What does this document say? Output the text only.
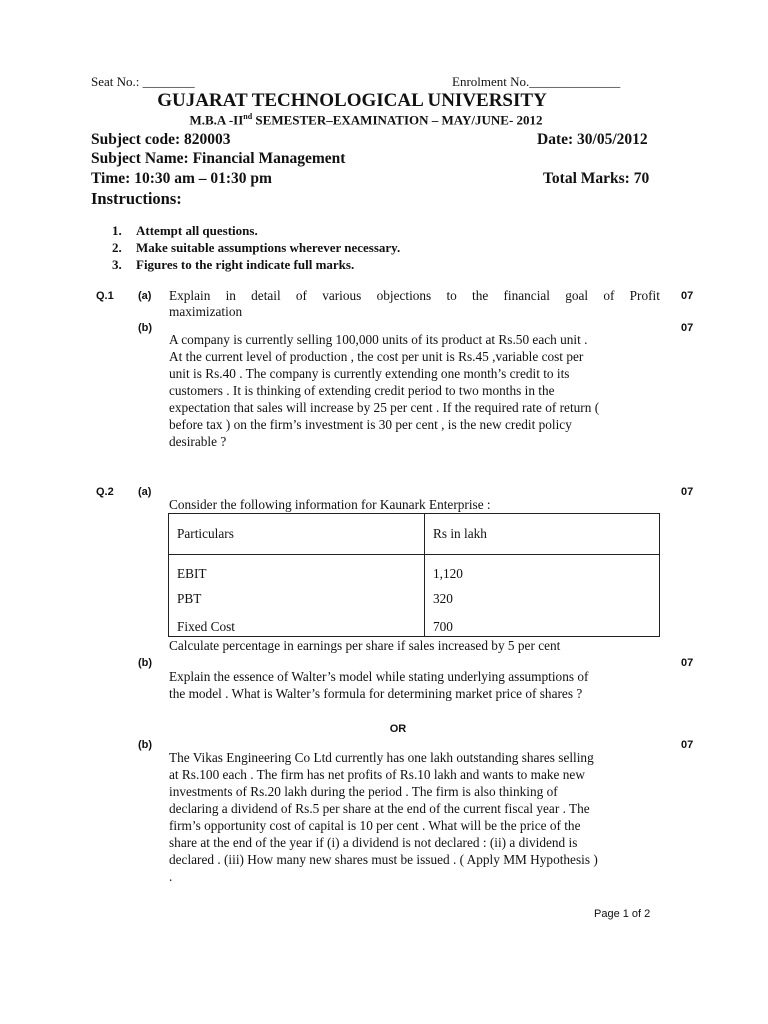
Seat No.: ________	Enrolment No.______________
GUJARAT TECHNOLOGICAL UNIVERSITY
M.B.A -IInd SEMESTER–EXAMINATION – MAY/JUNE- 2012
Subject code: 820003	Date: 30/05/2012
Subject Name: Financial Management
Time: 10:30 am – 01:30 pm	Total Marks: 70
Instructions:
1. Attempt all questions.
2. Make suitable assumptions wherever necessary.
3. Figures to the right indicate full marks.
Q.1 (a) Explain in detail of various objections to the financial goal of Profit
maximization
07
(b)	07
A company is currently selling 100,000 units of its product at Rs.50 each unit .
At the current level of production , the cost per unit is Rs.45 ,variable cost per
unit is Rs.40 . The company is currently extending one month’s credit to its
customers . It is thinking of extending credit period to two months in the
expectation that sales will increase by 25 per cent . If the required rate of return (
before tax ) on the firm’s investment is 30 per cent , is the new credit policy
desirable ?
Q.2 (a)	07
Consider the following information for Kaunark Enterprise :
Particulars	Rs in lakh
EBIT	1,120
PBT	320
Fixed Cost	700
Calculate percentage in earnings per share if sales increased by 5 per cent
(b)	07
Explain the essence of Walter’s model while stating underlying assumptions of
the model . What is Walter’s formula for determining market price of shares ?
OR
(b)	07
The Vikas Engineering Co Ltd currently has one lakh outstanding shares selling
at Rs.100 each . The firm has net profits of Rs.10 lakh and wants to make new
investments of Rs.20 lakh during the period . The firm is also thinking of
declaring a dividend of Rs.5 per share at the end of the current fiscal year . The
firm’s opportunity cost of capital is 10 per cent . What will be the price of the
share at the end of the year if (i) a dividend is not declared : (ii) a dividend is
declared . (iii) How many new shares must be issued . ( Apply MM Hypothesis )
.
Page 1 of 2
